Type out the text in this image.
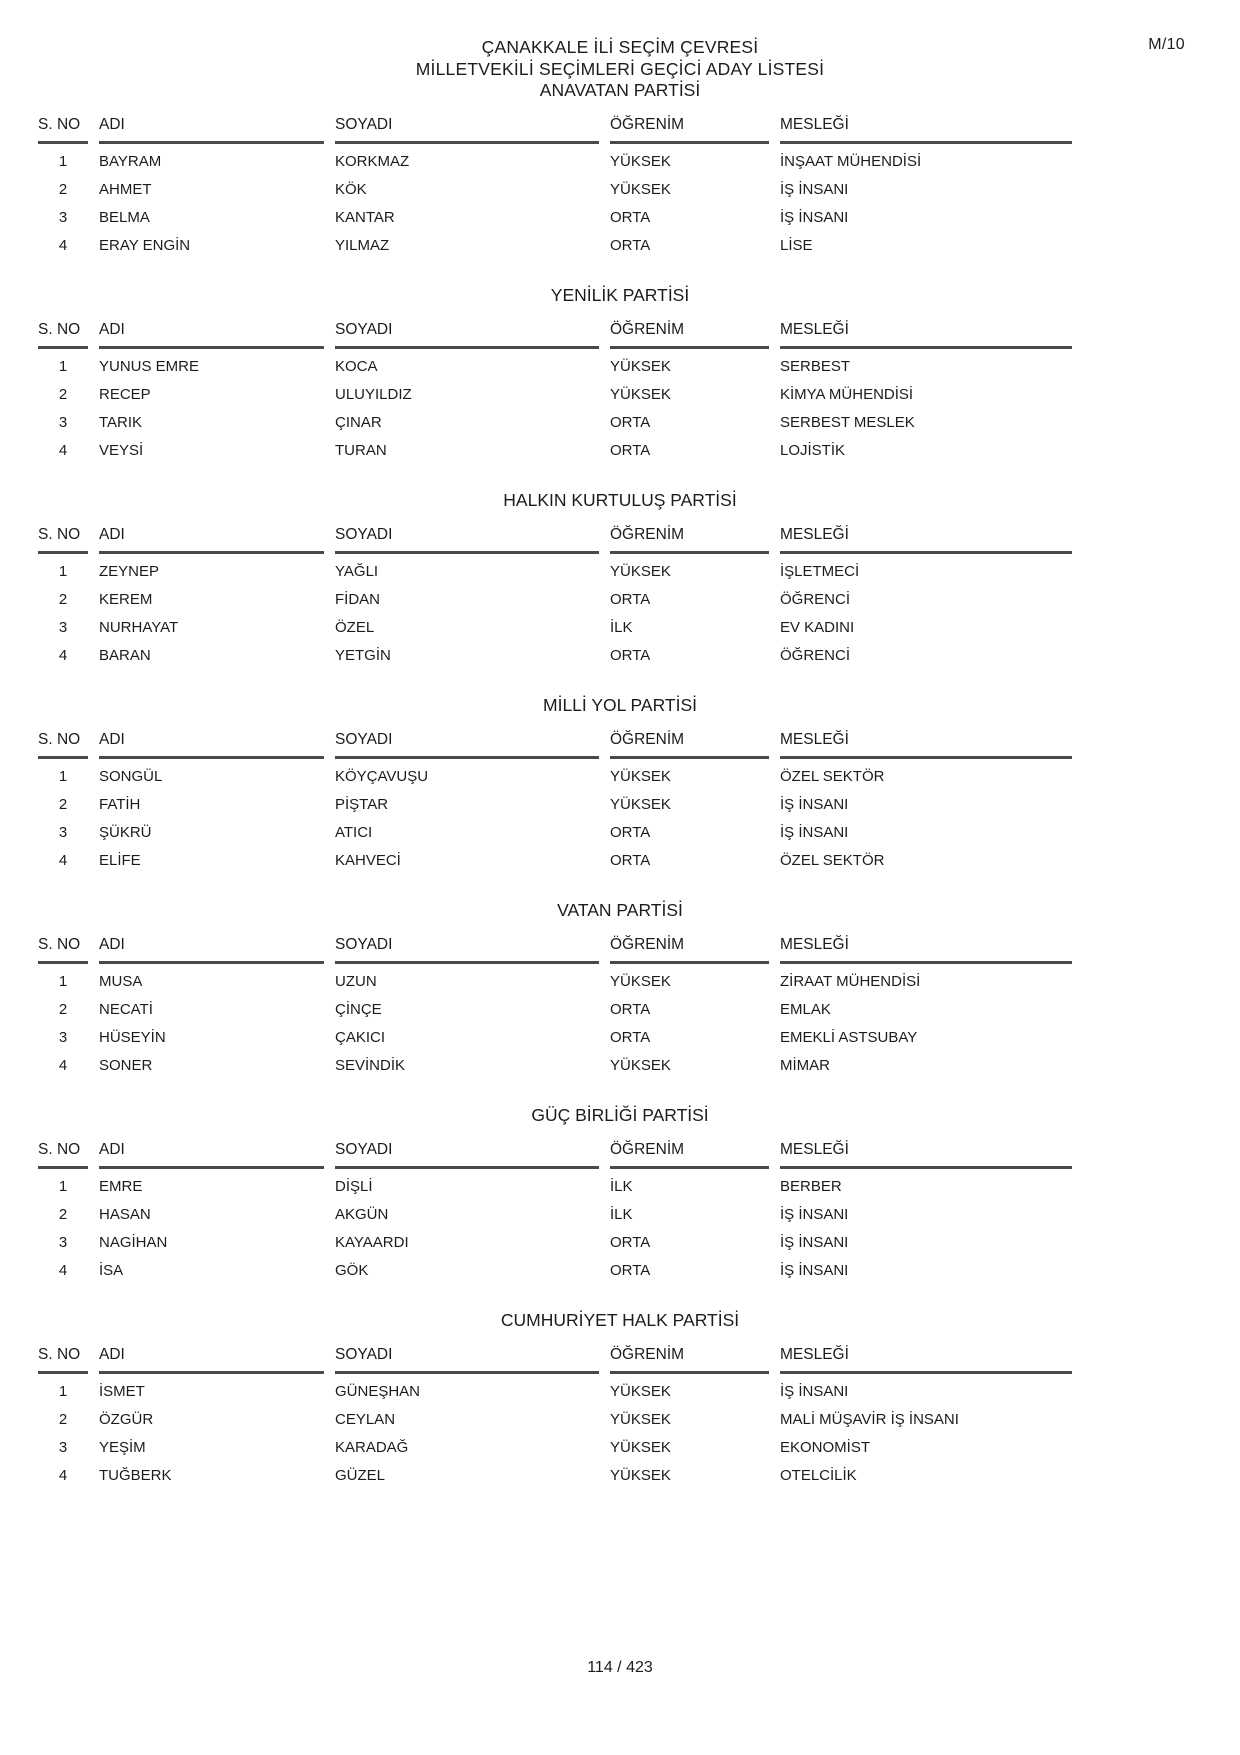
M/10
ÇANAKKALE İLİ SEÇİM ÇEVRESİ
MİLLETVEKİLİ SEÇİMLERİ GEÇİCİ ADAY LİSTESİ
ANAVATAN PARTİSİ
S. NO	ADI	SOYADI	ÖĞRENİM	MESLEĞİ
1	BAYRAM	KORKMAZ	YÜKSEK	İNŞAAT MÜHENDİSİ
2	AHMET	KÖK	YÜKSEK	İŞ İNSANI
3	BELMA	KANTAR	ORTA	İŞ İNSANI
4	ERAY ENGİN	YILMAZ	ORTA	LİSE
YENİLİK PARTİSİ
S. NO	ADI	SOYADI	ÖĞRENİM	MESLEĞİ
1	YUNUS EMRE	KOCA	YÜKSEK	SERBEST
2	RECEP	ULUYILDIZ	YÜKSEK	KİMYA MÜHENDİSİ
3	TARIK	ÇINAR	ORTA	SERBEST MESLEK
4	VEYSİ	TURAN	ORTA	LOJİSTİK
HALKIN KURTULUŞ PARTİSİ
S. NO	ADI	SOYADI	ÖĞRENİM	MESLEĞİ
1	ZEYNEP	YAĞLI	YÜKSEK	İŞLETMECİ
2	KEREM	FİDAN	ORTA	ÖĞRENCİ
3	NURHAYAT	ÖZEL	İLK	EV KADINI
4	BARAN	YETGİN	ORTA	ÖĞRENCİ
MİLLİ YOL PARTİSİ
S. NO	ADI	SOYADI	ÖĞRENİM	MESLEĞİ
1	SONGÜL	KÖYÇAVUŞU	YÜKSEK	ÖZEL SEKTÖR
2	FATİH	PİŞTAR	YÜKSEK	İŞ İNSANI
3	ŞÜKRÜ	ATICI	ORTA	İŞ İNSANI
4	ELİFE	KAHVECİ	ORTA	ÖZEL SEKTÖR
VATAN PARTİSİ
S. NO	ADI	SOYADI	ÖĞRENİM	MESLEĞİ
1	MUSA	UZUN	YÜKSEK	ZİRAAT MÜHENDİSİ
2	NECATİ	ÇİNÇE	ORTA	EMLAK
3	HÜSEYİN	ÇAKICI	ORTA	EMEKLİ ASTSUBAY
4	SONER	SEVİNDİK	YÜKSEK	MİMAR
GÜÇ BİRLİĞİ PARTİSİ
S. NO	ADI	SOYADI	ÖĞRENİM	MESLEĞİ
1	EMRE	DİŞLİ	İLK	BERBER
2	HASAN	AKGÜN	İLK	İŞ İNSANI
3	NAGİHAN	KAYAARDI	ORTA	İŞ İNSANI
4	İSA	GÖK	ORTA	İŞ İNSANI
CUMHURİYET HALK PARTİSİ
S. NO	ADI	SOYADI	ÖĞRENİM	MESLEĞİ
1	İSMET	GÜNEŞHAN	YÜKSEK	İŞ İNSANI
2	ÖZGÜR	CEYLAN	YÜKSEK	MALİ MÜŞAVİR İŞ İNSANI
3	YEŞİM	KARADAĞ	YÜKSEK	EKONOMİST
4	TUĞBERK	GÜZEL	YÜKSEK	OTELCİLİK
114 / 423
